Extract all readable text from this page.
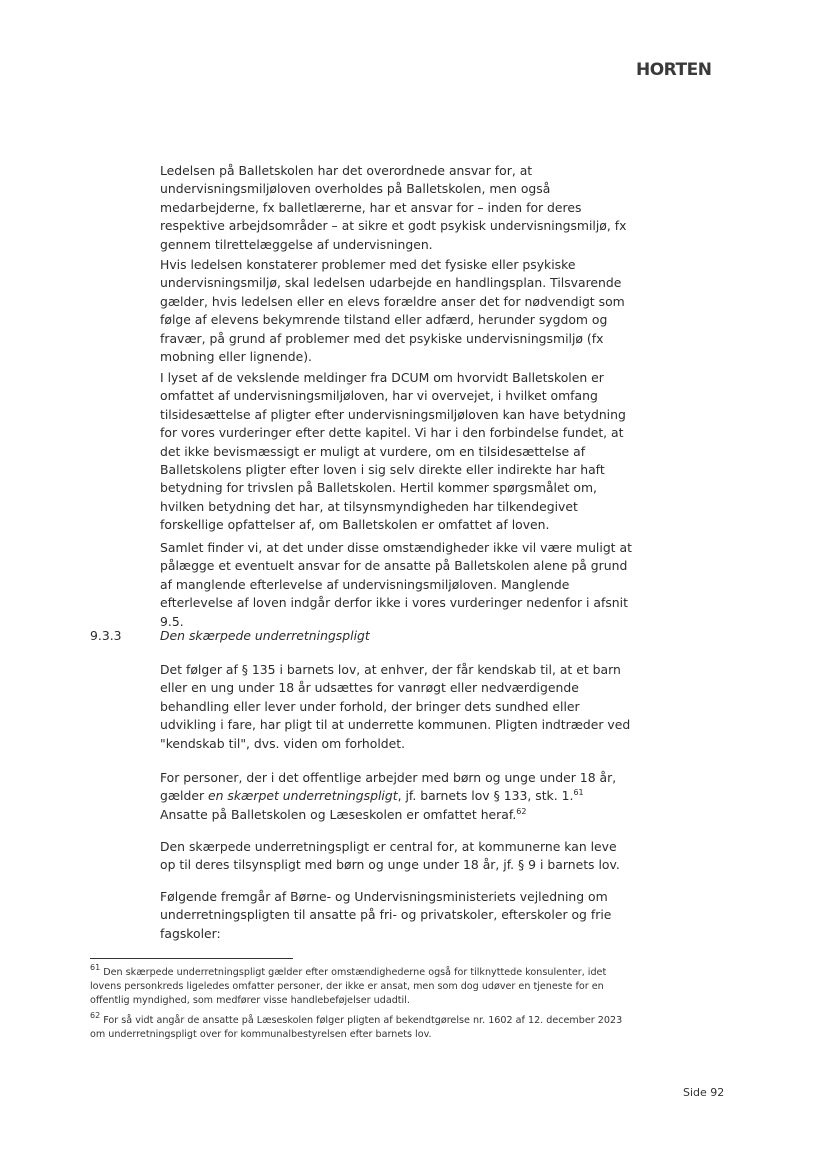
HORTEN

Ledelsen på Balletskolen har det overordnede ansvar for, at undervisningsmiljøloven overholdes på Balletskolen, men også medarbejderne, fx balletlærerne, har et ansvar for – inden for deres respektive arbejdsområder – at sikre et godt psykisk undervisningsmiljø, fx gennem tilrettelæggelse af undervisningen.

Hvis ledelsen konstaterer problemer med det fysiske eller psykiske undervisningsmiljø, skal ledelsen udarbejde en handlingsplan. Tilsvarende gælder, hvis ledelsen eller en elevs forældre anser det for nødvendigt som følge af elevens bekymrende tilstand eller adfærd, herunder sygdom og fravær, på grund af problemer med det psykiske undervisningsmiljø (fx mobning eller lignende).

I lyset af de vekslende meldinger fra DCUM om hvorvidt Balletskolen er omfattet af undervisningsmiljøloven, har vi overvejet, i hvilket omfang tilsidesættelse af pligter efter undervisningsmiljøloven kan have betydning for vores vurderinger efter dette kapitel. Vi har i den forbindelse fundet, at det ikke bevismæssigt er muligt at vurdere, om en tilsidesættelse af Balletskolens pligter efter loven i sig selv direkte eller indirekte har haft betydning for trivslen på Balletskolen. Hertil kommer spørgsmålet om, hvilken betydning det har, at tilsynsmyndigheden har tilkendegivet forskellige opfattelser af, om Balletskolen er omfattet af loven.

Samlet finder vi, at det under disse omstændigheder ikke vil være muligt at pålægge et eventuelt ansvar for de ansatte på Balletskolen alene på grund af manglende efterlevelse af undervisningsmiljøloven. Manglende efterlevelse af loven indgår derfor ikke i vores vurderinger nedenfor i afsnit 9.5.

9.3.3	Den skærpede underretningspligt

Det følger af § 135 i barnets lov, at enhver, der får kendskab til, at et barn eller en ung under 18 år udsættes for vanrøgt eller nedværdigende behandling eller lever under forhold, der bringer dets sundhed eller udvikling i fare, har pligt til at underrette kommunen. Pligten indtræder ved "kendskab til", dvs. viden om forholdet.

For personer, der i det offentlige arbejder med børn og unge under 18 år, gælder en skærpet underretningspligt, jf. barnets lov § 133, stk. 1.61 Ansatte på Balletskolen og Læseskolen er omfattet heraf.$^{62}$

Den skærpede underretningspligt er central for, at kommunerne kan leve op til deres tilsynspligt med børn og unge under 18 år, jf. § 9 i barnets lov.

Følgende fremgår af Børne- og Undervisningsministeriets vejledning om underretningspligten til ansatte på fri- og privatskoler, efterskoler og frie fagskoler:

$^{61}$ Den skærpede underretningspligt gælder efter omstændighederne også for tilknyttede konsulenter, idet lovens personkreds ligeledes omfatter personer, der ikke er ansat, men som dog udøver en tjeneste for en offentlig myndighed, som medfører visse handlebeføjelser udadtil.
$^{62}$ For så vidt angår de ansatte på Læseskolen følger pligten af bekendtgørelse nr. 1602 af 12. december 2023 om underretningspligt over for kommunalbestyrelsen efter barnets lov.
Side 92
